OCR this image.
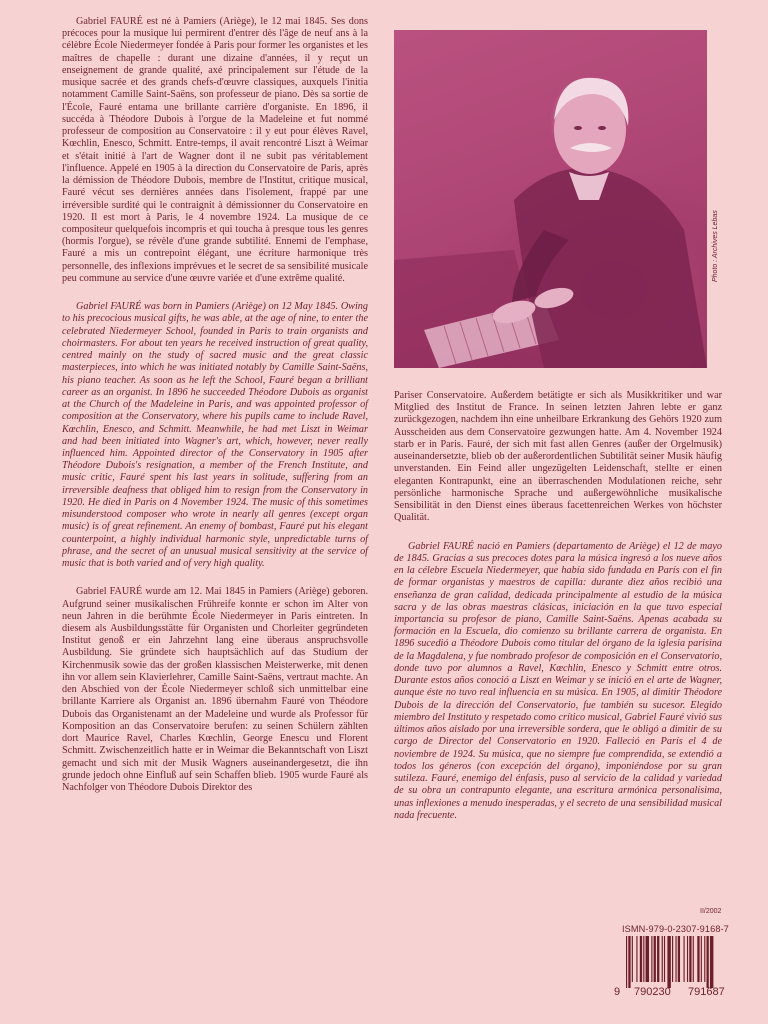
Gabriel FAURÉ est né à Pamiers (Ariège), le 12 mai 1845. Ses dons précoces pour la musique lui permirent d'entrer dès l'âge de neuf ans à la célèbre École Niedermeyer fondée à Paris pour former les organistes et les maîtres de chapelle : durant une dizaine d'années, il y reçut un enseignement de grande qualité, axé principalement sur l'étude de la musique sacrée et des grands chefs-d'œuvre classiques, auxquels l'initia notamment Camille Saint-Saëns, son professeur de piano. Dès sa sortie de l'École, Fauré entama une brillante carrière d'organiste. En 1896, il succéda à Théodore Dubois à l'orgue de la Madeleine et fut nommé professeur de composition au Conservatoire : il y eut pour élèves Ravel, Kœchlin, Enesco, Schmitt. Entre-temps, il avait rencontré Liszt à Weimar et s'était initié à l'art de Wagner dont il ne subit pas véritablement l'influence. Appelé en 1905 à la direction du Conservatoire de Paris, après la démission de Théodore Dubois, membre de l'Institut, critique musical, Fauré vécut ses dernières années dans l'isolement, frappé par une irréversible surdité qui le contraignit à démissionner du Conservatoire en 1920. Il est mort à Paris, le 4 novembre 1924. La musique de ce compositeur quelquefois incompris et qui toucha à presque tous les genres (hormis l'orgue), se révèle d'une grande subtilité. Ennemi de l'emphase, Fauré a mis un contrepoint élégant, une écriture harmonique très personnelle, des inflexions imprévues et le secret de sa sensibilité musicale peu commune au service d'une œuvre variée et d'une extrême qualité.

Gabriel FAURÉ was born in Pamiers (Ariège) on 12 May 1845. Owing to his precocious musical gifts, he was able, at the age of nine, to enter the celebrated Niedermeyer School, founded in Paris to train organists and choirmasters. For about ten years he received instruction of great quality, centred mainly on the study of sacred music and the great classic masterpieces, into which he was initiated notably by Camille Saint-Saëns, his piano teacher. As soon as he left the School, Fauré began a brilliant career as an organist. In 1896 he succeeded Théodore Dubois as organist at the Church of the Madeleine in Paris, and was appointed professor of composition at the Conservatory, where his pupils came to include Ravel, Kœchlin, Enesco, and Schmitt. Meanwhile, he had met Liszt in Weimar and had been initiated into Wagner's art, which, however, never really influenced him. Appointed director of the Conservatory in 1905 after Théodore Dubois's resignation, a member of the French Institute, and music critic, Fauré spent his last years in solitude, suffering from an irreversible deafness that obliged him to resign from the Conservatory in 1920. He died in Paris on 4 November 1924. The music of this sometimes misunderstood composer who wrote in nearly all genres (except organ music) is of great refinement. An enemy of bombast, Fauré put his elegant counterpoint, a highly individual harmonic style, unpredictable turns of phrase, and the secret of an unusual musical sensitivity at the service of music that is both varied and of very high quality.

Gabriel FAURÉ wurde am 12. Mai 1845 in Pamiers (Ariège) geboren. Aufgrund seiner musikalischen Frühreife konnte er schon im Alter von neun Jahren in die berühmte École Niedermeyer in Paris eintreten. In diesem als Ausbildungsstätte für Organisten und Chorleiter gegründeten Institut genoß er ein Jahrzehnt lang eine überaus anspruchsvolle Ausbildung. Sie gründete sich hauptsächlich auf das Studium der Kirchenmusik sowie das der großen klassischen Meisterwerke, mit denen ihn vor allem sein Klavierlehrer, Camille Saint-Saëns, vertraut machte. An den Abschied von der École Niedermeyer schloß sich unmittelbar eine brillante Karriere als Organist an. 1896 übernahm Fauré von Théodore Dubois das Organistenamt an der Madeleine und wurde als Professor für Komposition an das Conservatoire berufen: zu seinen Schülern zählten dort Maurice Ravel, Charles Kœchlin, George Enescu und Florent Schmitt. Zwischenzeitlich hatte er in Weimar die Bekanntschaft von Liszt gemacht und sich mit der Musik Wagners auseinandergesetzt, die ihn grunde jedoch ohne Einfluß auf sein Schaffen blieb. 1905 wurde Fauré als Nachfolger von Théodore Dubois Direktor des

Photo : Archives Lebas

Pariser Conservatoire. Außerdem betätigte er sich als Musikkritiker und war Mitglied des Institut de France. In seinen letzten Jahren lebte er ganz zurückgezogen, nachdem ihn eine unheilbare Erkrankung des Gehörs 1920 zum Ausscheiden aus dem Conservatoire gezwungen hatte. Am 4. November 1924 starb er in Paris. Fauré, der sich mit fast allen Genres (außer der Orgelmusik) auseinandersetzte, blieb ob der außerordentlichen Subtilität seiner Musik häufig unverstanden. Ein Feind aller ungezügelten Leidenschaft, stellte er einen eleganten Kontrapunkt, eine an überraschenden Modulationen reiche, sehr persönliche harmonische Sprache und außergewöhnliche musikalische Sensibilität in den Dienst eines überaus facettenreichen Werkes von höchster Qualität.

Gabriel FAURÉ nació en Pamiers (departamento de Ariège) el 12 de mayo de 1845. Gracias a sus precoces dotes para la música ingresó a los nueve años en la célebre Escuela Niedermeyer, que había sido fundada en París con el fin de formar organistas y maestros de capilla: durante diez años recibió una enseñanza de gran calidad, dedicada principalmente al estudio de la música sacra y de las obras maestras clásicas, iniciación en la que tuvo especial importancia su profesor de piano, Camille Saint-Saëns. Apenas acabada su formación en la Escuela, dio comienzo su brillante carrera de organista. En 1896 sucedió a Théodore Dubois como titular del órgano de la iglesia parisina de la Magdalena, y fue nombrado profesor de composición en el Conservatorio, donde tuvo por alumnos a Ravel, Kœchlin, Enesco y Schmitt entre otros. Durante estos años conoció a Liszt en Weimar y se inició en el arte de Wagner, aunque éste no tuvo real influencia en su música. En 1905, al dimitir Théodore Dubois de la dirección del Conservatorio, fue también su sucesor. Elegido miembro del Instituto y respetado como crítico musical, Gabriel Fauré vivió sus últimos años aislado por una irreversible sordera, que le obligó a dimitir de su cargo de Director del Conservatorio en 1920. Falleció en París el 4 de noviembre de 1924. Su música, que no siempre fue comprendida, se extendió a todos los géneros (con excepción del órgano), imponiéndose por su gran sutileza. Fauré, enemigo del énfasis, puso al servicio de la calidad y variedad de su obra un contrapunto elegante, una escritura armónica personalísima, unas inflexiones a menudo inesperadas, y el secreto de una sensibilidad musical nada frecuente.

II/2002
ISMN-979-0-2307-9168-7
9 790230 791687
